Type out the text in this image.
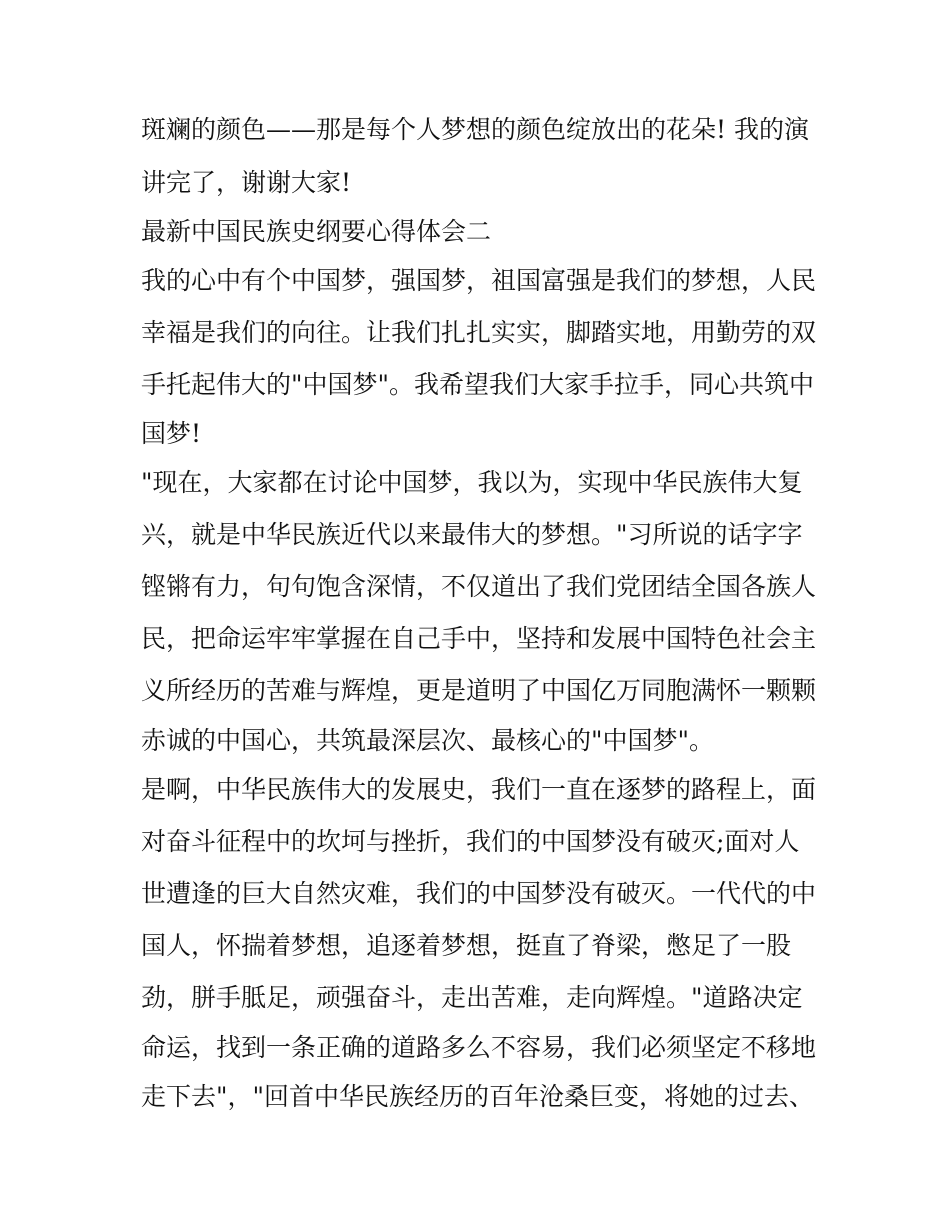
斑斓的颜色——那是每个人梦想的颜色绽放出的花朵! 我的演

讲完了，谢谢大家!

最新中国民族史纲要心得体会二

我的心中有个中国梦，强国梦，祖国富强是我们的梦想，人民

幸福是我们的向往。让我们扎扎实实，脚踏实地，用勤劳的双

手托起伟大的"中国梦"。我希望我们大家手拉手，同心共筑中

国梦!

"现在，大家都在讨论中国梦，我以为，实现中华民族伟大复

兴，就是中华民族近代以来最伟大的梦想。"习所说的话字字

铿锵有力，句句饱含深情，不仅道出了我们党团结全国各族人

民，把命运牢牢掌握在自己手中，坚持和发展中国特色社会主

义所经历的苦难与辉煌，更是道明了中国亿万同胞满怀一颗颗

赤诚的中国心，共筑最深层次、最核心的"中国梦"。

是啊，中华民族伟大的发展史，我们一直在逐梦的路程上，面

对奋斗征程中的坎坷与挫折，我们的中国梦没有破灭;面对人

世遭逢的巨大自然灾难，我们的中国梦没有破灭。一代代的中

国人，怀揣着梦想，追逐着梦想，挺直了脊梁，憋足了一股

劲，胼手胝足，顽强奋斗，走出苦难，走向辉煌。"道路决定

命运，找到一条正确的道路多么不容易，我们必须坚定不移地

走下去"，"回首中华民族经历的百年沧桑巨变，将她的过去、
